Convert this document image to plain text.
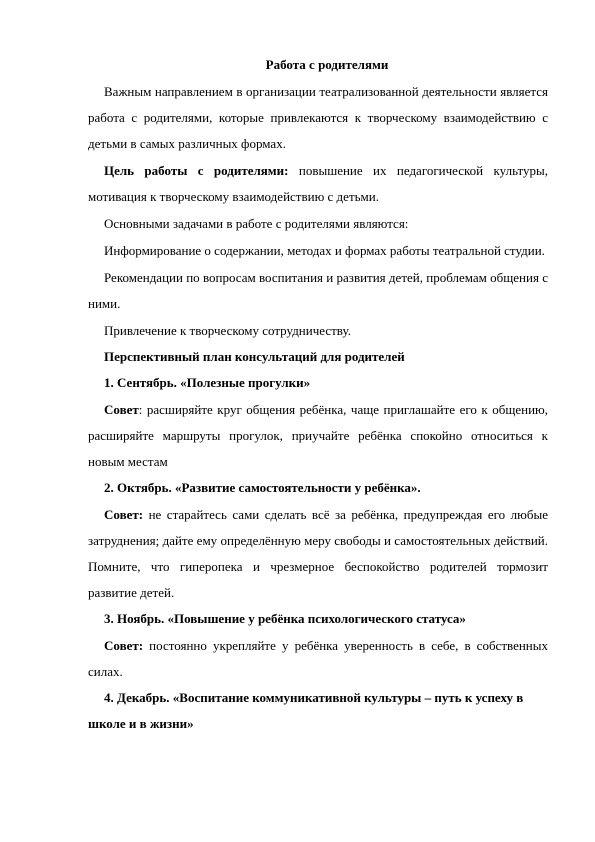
Работа с родителями

Важным направлением в организации театрализованной деятельности является работа с родителями, которые привлекаются к творческому взаимодействию с детьми в самых различных формах.

Цель работы с родителями: повышение их педагогической культуры, мотивация к творческому взаимодействию с детьми.

Основными задачами в работе с родителями являются:

Информирование о содержании, методах и формах работы театральной студии.

Рекомендации по вопросам воспитания и развития детей, проблемам общения с ними.

Привлечение к творческому сотрудничеству.

Перспективный план консультаций для родителей

1. Сентябрь. «Полезные прогулки»

Совет: расширяйте круг общения ребёнка, чаще приглашайте его к общению, расширяйте маршруты прогулок, приучайте ребёнка спокойно относиться к новым местам

2. Октябрь. «Развитие самостоятельности у ребёнка».

Совет: не старайтесь сами сделать всё за ребёнка, предупреждая его любые затруднения; дайте ему определённую меру свободы и самостоятельных действий. Помните, что гиперопека и чрезмерное беспокойство родителей тормозит развитие детей.

3. Ноябрь. «Повышение у ребёнка психологического статуса»

Совет: постоянно укрепляйте у ребёнка уверенность в себе, в собственных силах.

4. Декабрь. «Воспитание коммуникативной культуры – путь к успеху в школе и в жизни»
